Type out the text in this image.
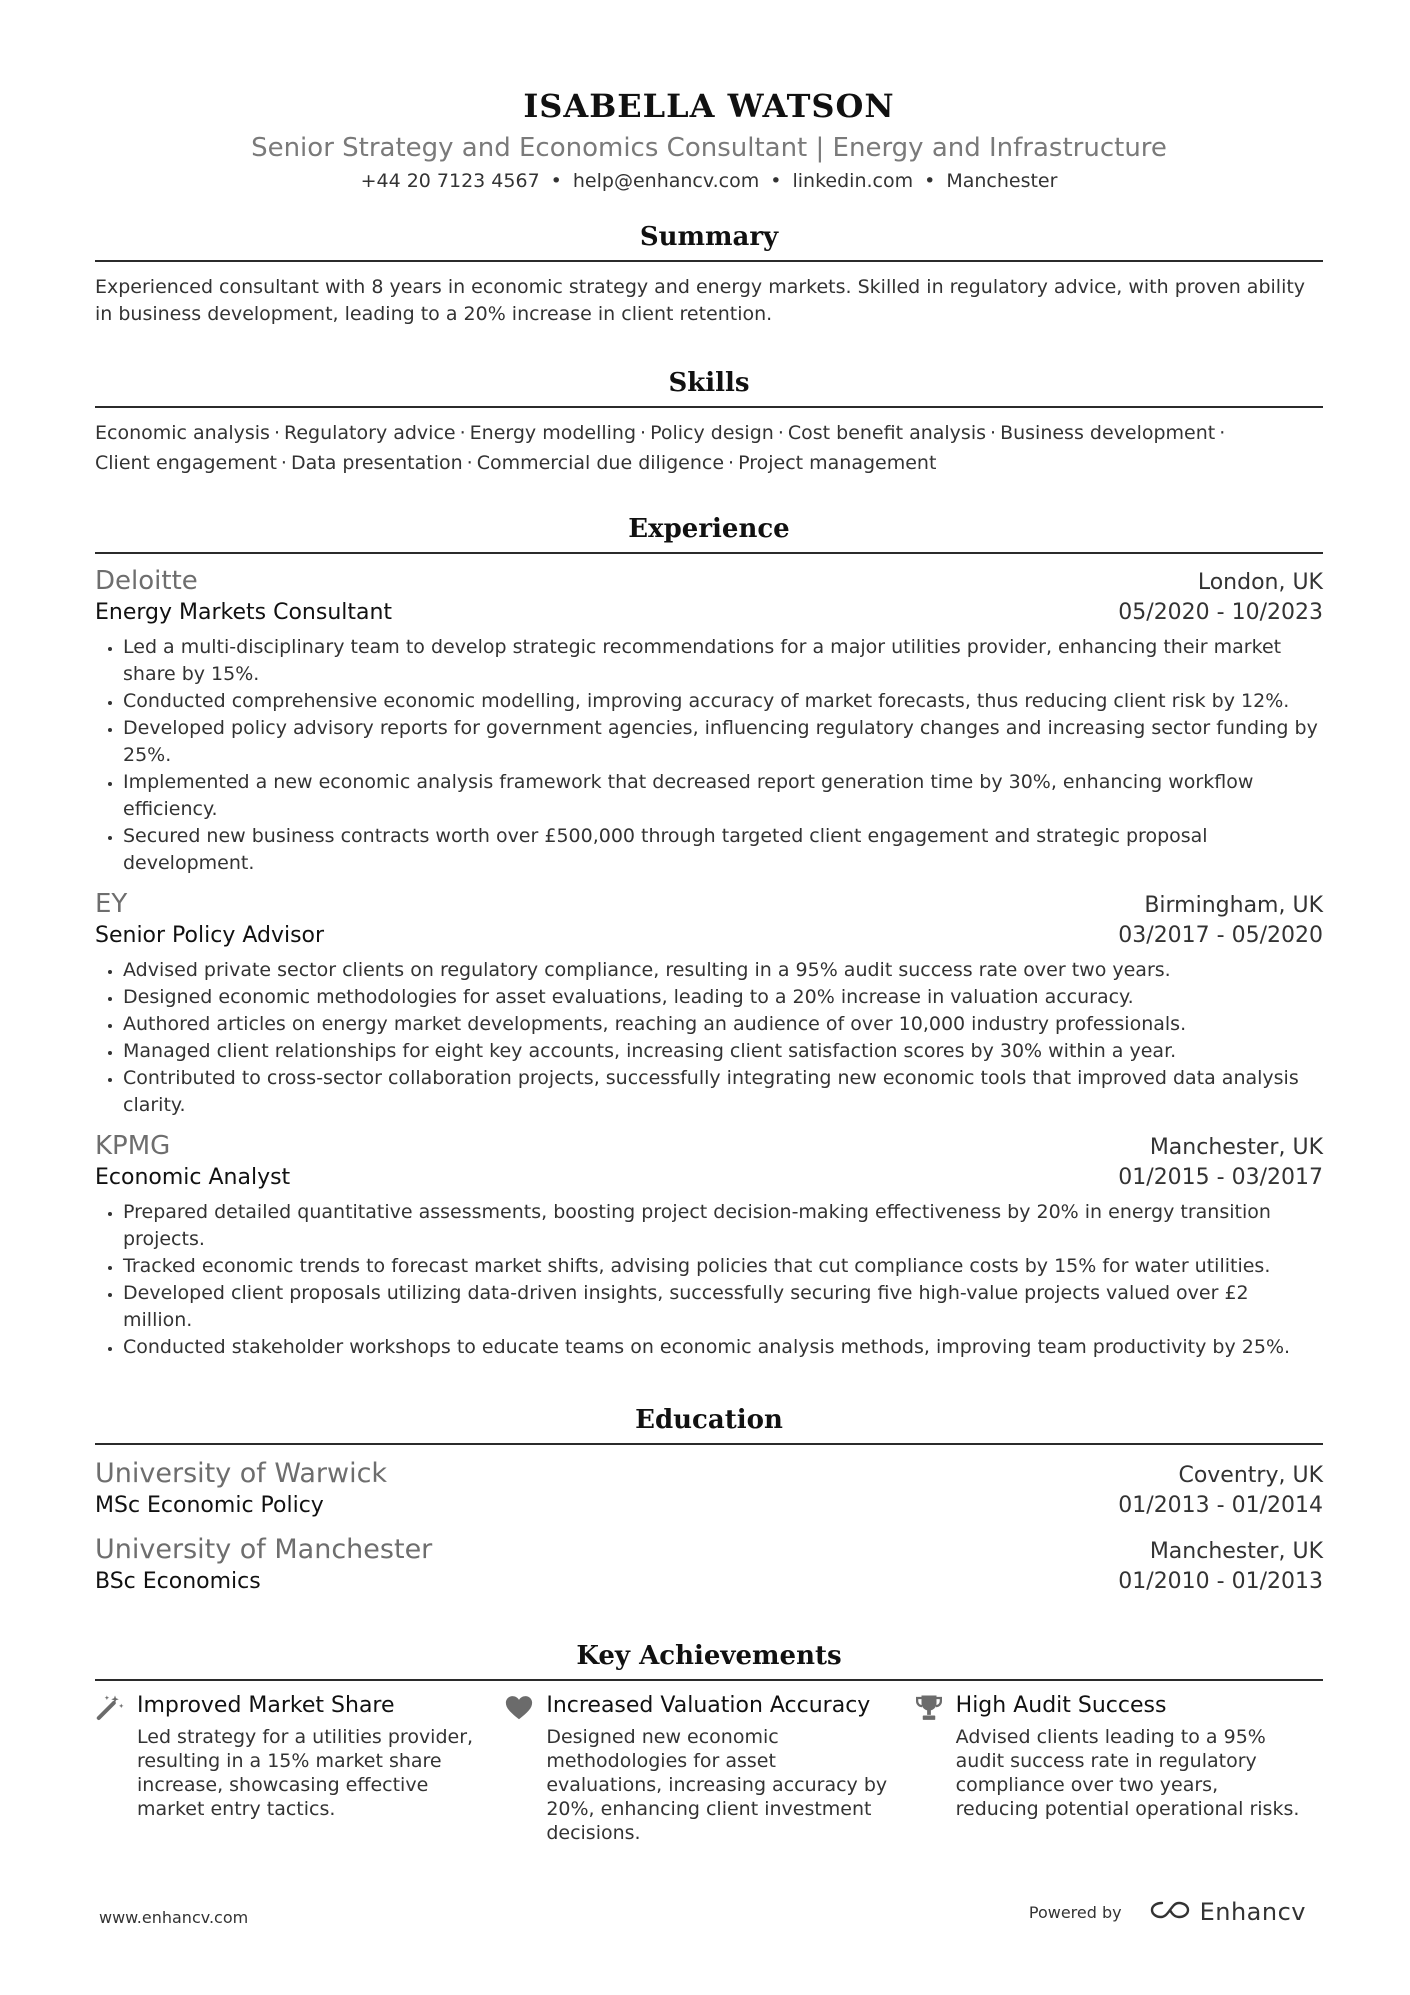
ISABELLA WATSON
Senior Strategy and Economics Consultant | Energy and Infrastructure
+44 20 7123 4567 • help@enhancv.com • linkedin.com • Manchester
Summary
Experienced consultant with 8 years in economic strategy and energy markets. Skilled in regulatory advice, with proven ability in business development, leading to a 20% increase in client retention.
Skills
Economic analysis · Regulatory advice · Energy modelling · Policy design · Cost benefit analysis · Business development ·
Client engagement · Data presentation · Commercial due diligence · Project management
Experience
Deloitte	London, UK
Energy Markets Consultant	05/2020 - 10/2023
• Led a multi-disciplinary team to develop strategic recommendations for a major utilities provider, enhancing their market share by 15%.
• Conducted comprehensive economic modelling, improving accuracy of market forecasts, thus reducing client risk by 12%.
• Developed policy advisory reports for government agencies, influencing regulatory changes and increasing sector funding by 25%.
• Implemented a new economic analysis framework that decreased report generation time by 30%, enhancing workflow efficiency.
• Secured new business contracts worth over £500,000 through targeted client engagement and strategic proposal development.
EY	Birmingham, UK
Senior Policy Advisor	03/2017 - 05/2020
• Advised private sector clients on regulatory compliance, resulting in a 95% audit success rate over two years.
• Designed economic methodologies for asset evaluations, leading to a 20% increase in valuation accuracy.
• Authored articles on energy market developments, reaching an audience of over 10,000 industry professionals.
• Managed client relationships for eight key accounts, increasing client satisfaction scores by 30% within a year.
• Contributed to cross-sector collaboration projects, successfully integrating new economic tools that improved data analysis clarity.
KPMG	Manchester, UK
Economic Analyst	01/2015 - 03/2017
• Prepared detailed quantitative assessments, boosting project decision-making effectiveness by 20% in energy transition projects.
• Tracked economic trends to forecast market shifts, advising policies that cut compliance costs by 15% for water utilities.
• Developed client proposals utilizing data-driven insights, successfully securing five high-value projects valued over £2 million.
• Conducted stakeholder workshops to educate teams on economic analysis methods, improving team productivity by 25%.
Education
University of Warwick	Coventry, UK
MSc Economic Policy	01/2013 - 01/2014
University of Manchester	Manchester, UK
BSc Economics	01/2010 - 01/2013
Key Achievements
Improved Market Share
Led strategy for a utilities provider, resulting in a 15% market share increase, showcasing effective market entry tactics.
Increased Valuation Accuracy
Designed new economic methodologies for asset evaluations, increasing accuracy by 20%, enhancing client investment decisions.
High Audit Success
Advised clients leading to a 95% audit success rate in regulatory compliance over two years, reducing potential operational risks.
www.enhancv.com	Powered by	Enhancv
